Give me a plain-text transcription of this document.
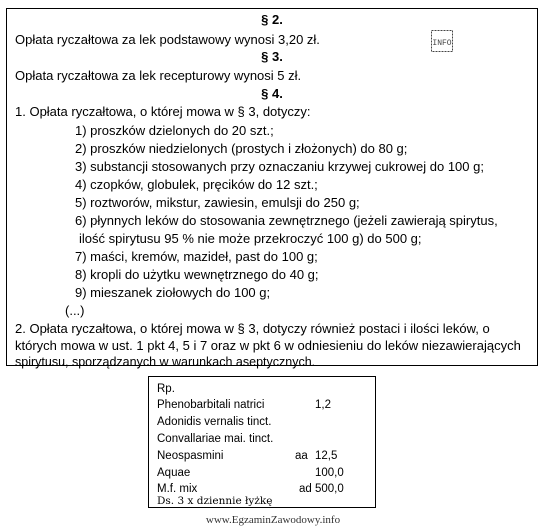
§ 2.
Opłata ryczałtowa za lek podstawowy wynosi 3,20 zł.	INFO
§ 3.
Opłata ryczałtowa za lek recepturowy wynosi 5 zł.
§ 4.
1. Opłata ryczałtowa, o której mowa w § 3, dotyczy:
1) proszków dzielonych do 20 szt.;
2) proszków niedzielonych (prostych i złożonych) do 80 g;
3) substancji stosowanych przy oznaczaniu krzywej cukrowej do 100 g;
4) czopków, globulek, pręcików do 12 szt.;
5) roztworów, mikstur, zawiesin, emulsji do 250 g;
6) płynnych leków do stosowania zewnętrznego (jeżeli zawierają spirytus,
ilość spirytusu 95 % nie może przekroczyć 100 g) do 500 g;
7) maści, kremów, mazideł, past do 100 g;
8) kropli do użytku wewnętrznego do 40 g;
9) mieszanek ziołowych do 100 g;
(...)
2. Opłata ryczałtowa, o której mowa w § 3, dotyczy również postaci i ilości leków, o
których mowa w ust. 1 pkt 4, 5 i 7 oraz w pkt 6 w odniesieniu do leków niezawierających
spirytusu, sporządzanych w warunkach aseptycznych.
Rp.
Phenobarbitali natrici	1,2
Adonidis vernalis tinct.
Convallariae mai. tinct.
Neospasmini	aa 12,5
Aquae	100,0
M.f. mix	ad 500,0
Ds. 3 x dziennie łyżkę
www.EgzaminZawodowy.info
